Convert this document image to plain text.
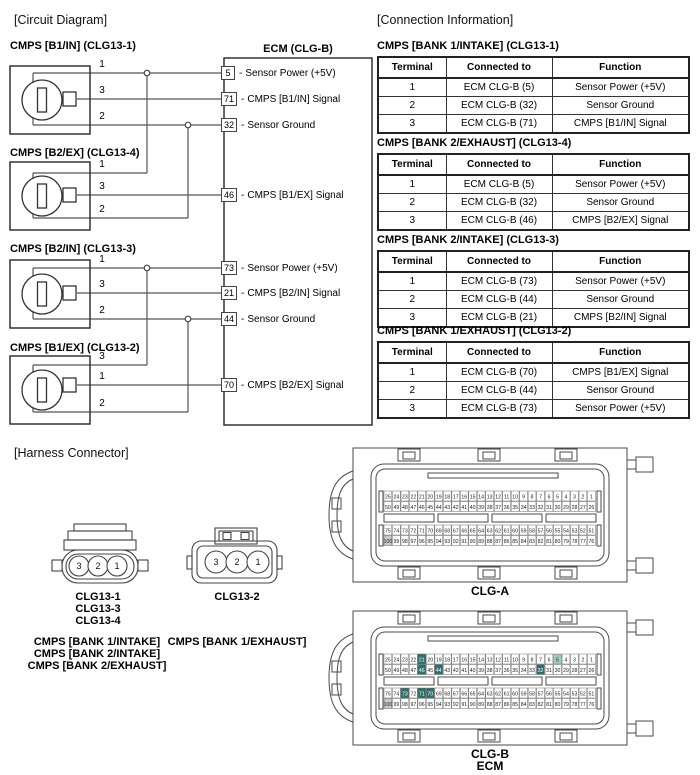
[Circuit Diagram]	[Connection Information]
[Harness Connector]
ECM (CLG-B)
CMPS [B1/IN] (CLG13-1)
CMPS [B2/EX] (CLG13-4)
CMPS [B2/IN] (CLG13-3)
CMPS [B1/EX] (CLG13-2)
1
3
2
1
3
2
1
3
2
3
1
2
5 - Sensor Power (+5V)
71 - CMPS [B1/IN] Signal
32 - Sensor Ground
46 - CMPS [B1/EX] Signal
73 - Sensor Power (+5V)
21 - CMPS [B2/IN] Signal
44 - Sensor Ground
70 - CMPS [B2/EX] Signal
CMPS [BANK 1/INTAKE] (CLG13-1)
Terminal	Connected to	Function
1	ECM CLG-B (5)	Sensor Power (+5V)
2	ECM CLG-B (32)	Sensor Ground
3	ECM CLG-B (71)	CMPS [B1/IN] Signal
CMPS [BANK 2/EXHAUST] (CLG13-4)
Terminal	Connected to	Function
1	ECM CLG-B (5)	Sensor Power (+5V)
2	ECM CLG-B (32)	Sensor Ground
3	ECM CLG-B (46)	CMPS [B2/EX] Signal
CMPS [BANK 2/INTAKE] (CLG13-3)
Terminal	Connected to	Function
1	ECM CLG-B (73)	Sensor Power (+5V)
2	ECM CLG-B (44)	Sensor Ground
3	ECM CLG-B (21)	CMPS [B2/IN] Signal
CMPS [BANK 1/EXHAUST] (CLG13-2)
Terminal	Connected to	Function
1	ECM CLG-B (70)	CMPS [B1/EX] Signal
2	ECM CLG-B (44)	Sensor Ground
3	ECM CLG-B (73)	Sensor Power (+5V)
3 2 1	3 2 1
CLG13-1
CLG13-3
CLG13-4
CLG13-2
CMPS [BANK 1/INTAKE]
CMPS [BANK 2/INTAKE]
CMPS [BANK 2/EXHAUST]
CMPS [BANK 1/EXHAUST]
25 24 23 22 21 20 19 18 17 16 15 14 13 12 11 10 9 8 7 6 5 4 3 2 1
50 49 48 47 46 45 44 43 42 41 40 39 38 37 36 35 34 33 32 31 30 29 28 27 26
75 74 73 72 71 70 69 68 67 66 65 64 63 62 61 60 59 58 57 56 55 54 53 52 51
100 99 98 97 96 95 94 93 92 91 90 89 88 87 86 85 84 83 82 81 80 79 78 77 76
CLG-A
25 24 23 22 21 20 19 18 17 16 15 14 13 12 11 10 9 8 7 6 5 4 3 2 1
50 49 48 47 46 45 44 43 42 41 40 39 38 37 36 35 34 33 32 31 30 29 28 27 26
75 74 73 72 71 70 69 68 67 66 65 64 63 62 61 60 59 58 57 56 55 54 53 52 51
100 99 98 97 96 95 94 93 92 91 90 89 88 87 86 85 84 83 82 81 80 79 78 77 76
CLG-B
ECM
